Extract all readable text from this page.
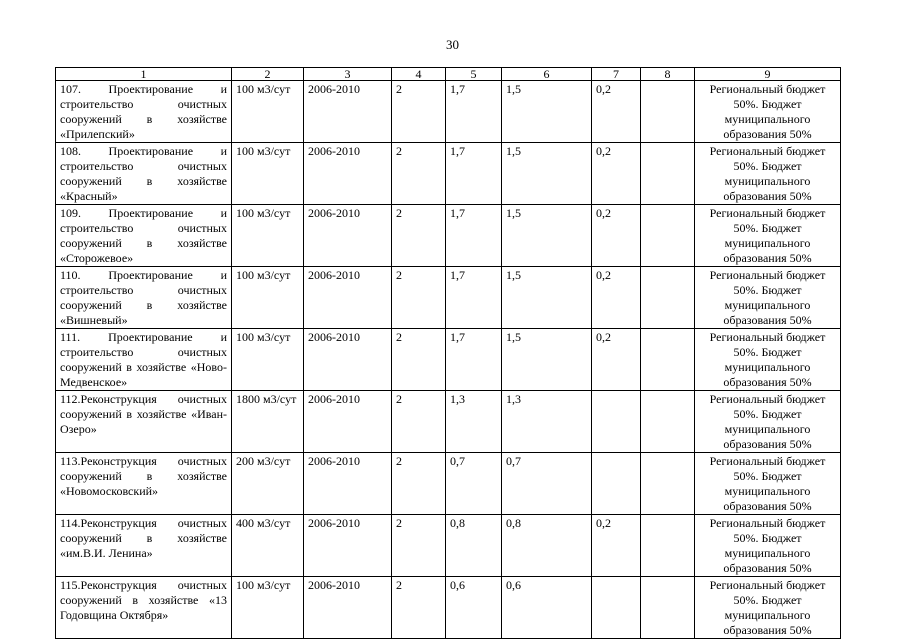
30
1	2	3	4	5	6	7	8	9
107. Проектирование и строительство очистных сооружений в хозяйстве «Прилепский»	100 м3/сут	2006-2010	2	1,7	1,5	0,2		Региональный бюджет 50%. Бюджет муниципального образования 50%
108. Проектирование и строительство очистных сооружений в хозяйстве «Красный»	100 м3/сут	2006-2010	2	1,7	1,5	0,2		Региональный бюджет 50%. Бюджет муниципального образования 50%
109. Проектирование и строительство очистных сооружений в хозяйстве «Сторожевое»	100 м3/сут	2006-2010	2	1,7	1,5	0,2		Региональный бюджет 50%. Бюджет муниципального образования 50%
110. Проектирование и строительство очистных сооружений в хозяйстве «Вишневый»	100 м3/сут	2006-2010	2	1,7	1,5	0,2		Региональный бюджет 50%. Бюджет муниципального образования 50%
111. Проектирование и строительство очистных сооружений в хозяйстве «Ново-Медвенское»	100 м3/сут	2006-2010	2	1,7	1,5	0,2		Региональный бюджет 50%. Бюджет муниципального образования 50%
112.Реконструкция очистных сооружений в хозяйстве «Иван-Озеро»	1800 м3/сут	2006-2010	2	1,3	1,3			Региональный бюджет 50%. Бюджет муниципального образования 50%
113.Реконструкция очистных сооружений в хозяйстве «Новомосковский»	200 м3/сут	2006-2010	2	0,7	0,7			Региональный бюджет 50%. Бюджет муниципального образования 50%
114.Реконструкция очистных сооружений в хозяйстве «им.В.И. Ленина»	400 м3/сут	2006-2010	2	0,8	0,8	0,2		Региональный бюджет 50%. Бюджет муниципального образования 50%
115.Реконструкция очистных сооружений в хозяйстве «13 Годовщина Октября»	100 м3/сут	2006-2010	2	0,6	0,6			Региональный бюджет 50%. Бюджет муниципального образования 50%
